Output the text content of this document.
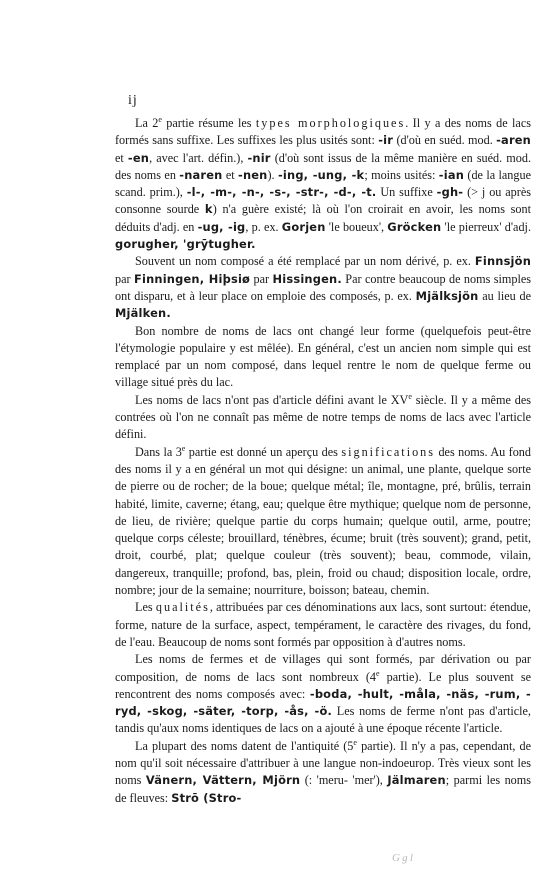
ij

La 2e partie résume les types morphologiques. Il y a des noms de lacs formés sans suffixe. Les suffixes les plus usités sont: -ir (d'où en suéd. mod. -aren et -en, avec l'art. défin.), -nir (d'où sont issus de la même manière en suéd. mod. des noms en -naren et -nen). -ing, -ung, -k; moins usités: -ian (de la langue scand. prim.), -l-, -m-, -n-, -s-, -str-, -d-, -t. Un suffixe -gh- (> j ou après consonne sourde k) n'a guère existé; là où l'on croirait en avoir, les noms sont déduits d'adj. en -ug, -ig, p. ex. Gorjen 'le boueux', Gröcken 'le pierreux' d'adj. gorugher, 'grȳtugher.

Souvent un nom composé a été remplacé par un nom dérivé, p. ex. Finnsjön par Finningen, Hiþsiø par Hissingen. Par contre beaucoup de noms simples ont disparu, et à leur place on emploie des composés, p. ex. Mjälksjön au lieu de Mjälken.

Bon nombre de noms de lacs ont changé leur forme (quelquefois peut-être l'étymologie populaire y est mêlée). En général, c'est un ancien nom simple qui est remplacé par un nom composé, dans lequel rentre le nom de quelque ferme ou village situé près du lac.

Les noms de lacs n'ont pas d'article défini avant le XVe siècle. Il y a même des contrées où l'on ne connaît pas même de notre temps de noms de lacs avec l'article défini.

Dans la 3e partie est donné un aperçu des significations des noms. Au fond des noms il y a en général un mot qui désigne: un animal, une plante, quelque sorte de pierre ou de rocher; de la boue; quelque métal; île, montagne, pré, brûlis, terrain habité, limite, caverne; étang, eau; quelque être mythique; quelque nom de personne, de lieu, de rivière; quelque partie du corps humain; quelque outil, arme, poutre; quelque corps céleste; brouillard, ténèbres, écume; bruit (très souvent); grand, petit, droit, courbé, plat; quelque couleur (très souvent); beau, commode, vilain, dangereux, tranquille; profond, bas, plein, froid ou chaud; disposition locale, ordre, nombre; jour de la semaine; nourriture, boisson; bateau, chemin.

Les qualités, attribuées par ces dénominations aux lacs, sont surtout: étendue, forme, nature de la surface, aspect, tempérament, le caractère des rivages, du fond, de l'eau. Beaucoup de noms sont formés par opposition à d'autres noms.

Les noms de fermes et de villages qui sont formés, par dérivation ou par composition, de noms de lacs sont nombreux (4e partie). Le plus souvent se rencontrent des noms composés avec: -boda, -hult, -måla, -näs, -rum, -ryd, -skog, -säter, -torp, -ås, -ö. Les noms de ferme n'ont pas d'article, tandis qu'aux noms identiques de lacs on a ajouté à une époque récente l'article.

La plupart des noms datent de l'antiquité (5e partie). Il n'y a pas, cependant, de nom qu'il soit nécessaire d'attribuer à une langue non-indoeurop. Très vieux sont les noms Vänern, Vättern, Mjörn (: 'meru- 'mer'), Jälmaren; parmi les noms de fleuves: Strō (Stro-

G g l
